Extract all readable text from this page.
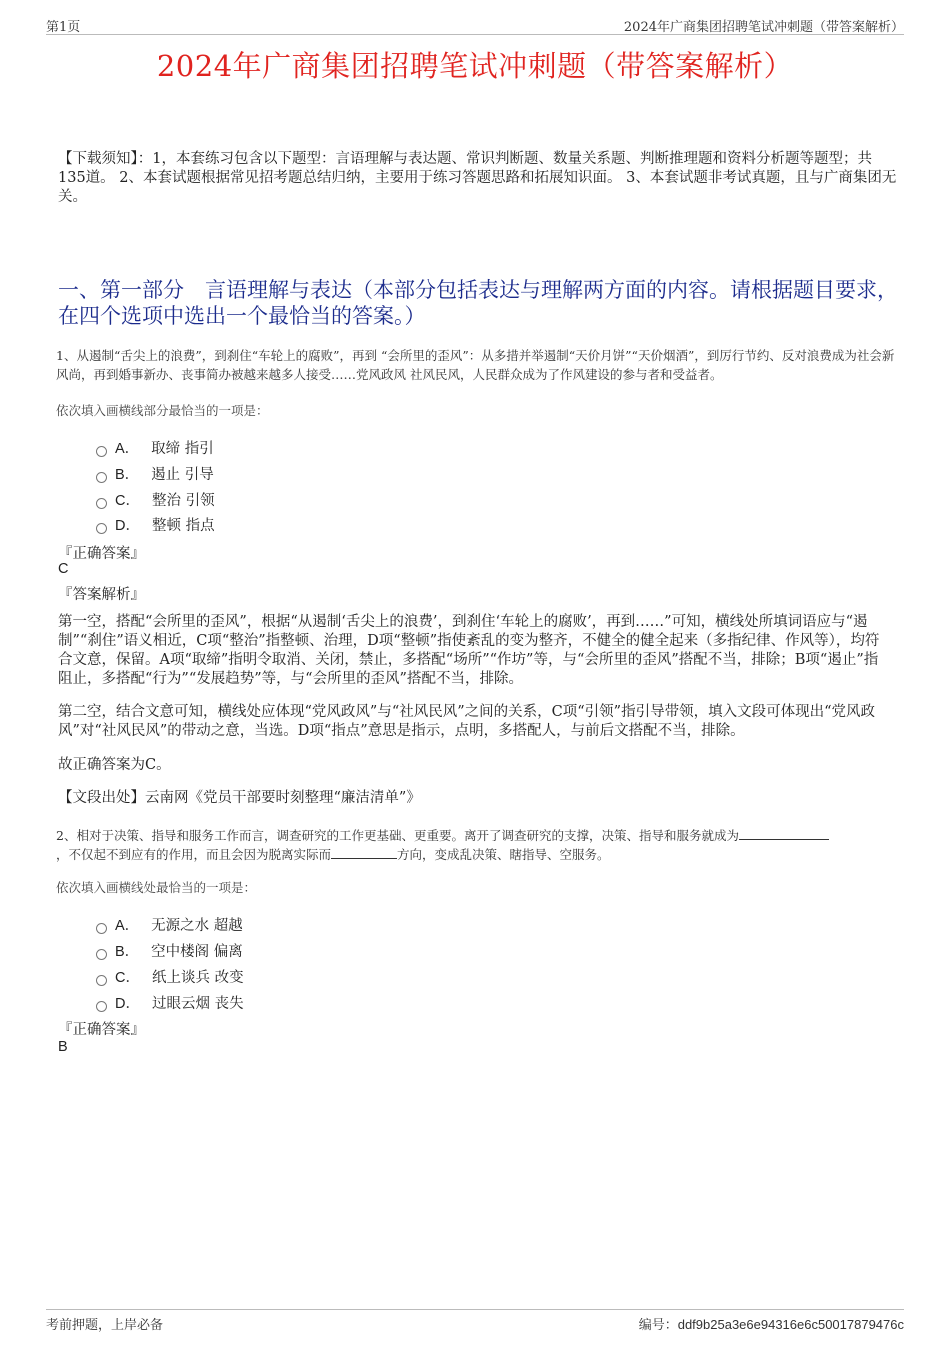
第1页	2024年广商集团招聘笔试冲刺题（带答案解析）
2024年广商集团招聘笔试冲刺题（带答案解析）
【下载须知】：1，本套练习包含以下题型：言语理解与表达题、常识判断题、数量关系题、判断推理题和资料分析题等题型；共135道。 2、本套试题根据常见招考题总结归纳，主要用于练习答题思路和拓展知识面。 3、本套试题非考试真题，且与广商集团无关。
一、第一部分　言语理解与表达（本部分包括表达与理解两方面的内容。请根据题目要求，在四个选项中选出一个最恰当的答案。）
1、从遏制“舌尖上的浪费”，到刹住“车轮上的腐败”，再到 “会所里的歪风”：从多措并举遏制“天价月饼”“天价烟酒”，到厉行节约、反对浪费成为社会新风尚，再到婚事新办、丧事简办被越来越多人接受……党风政风 社风民风，人民群众成为了作风建设的参与者和受益者。
依次填入画横线部分最恰当的一项是：
A． 取缔 指引
B． 遏止 引导
C． 整治 引领
D． 整顿 指点
『正确答案』
C
『答案解析』
第一空，搭配“会所里的歪风”，根据“从遏制‘舌尖上的浪费’，到刹住‘车轮上的腐败’，再到……”可知，横线处所填词语应与“遏制”“刹住”语义相近，C项“整治”指整顿、治理，D项“整顿”指使紊乱的变为整齐，不健全的健全起来（多指纪律、作风等），均符合文意，保留。A项“取缔”指明令取消、关闭，禁止，多搭配“场所”“作坊”等，与“会所里的歪风”搭配不当，排除；B项“遏止”指阻止，多搭配“行为”“发展趋势”等，与“会所里的歪风”搭配不当，排除。
第二空，结合文意可知，横线处应体现“党风政风”与“社风民风”之间的关系，C项“引领”指引导带领，填入文段可体现出“党风政风”对“社风民风”的带动之意，当选。D项“指点”意思是指示，点明，多搭配人，与前后文搭配不当，排除。
故正确答案为C。
【文段出处】云南网《党员干部要时刻整理“廉洁清单”》
2、相对于决策、指导和服务工作而言，调查研究的工作更基础、更重要。离开了调查研究的支撑，决策、指导和服务就成为
，不仅起不到应有的作用，而且会因为脱离实际而	方向，变成乱决策、瞎指导、空服务。
依次填入画横线处最恰当的一项是：
A． 无源之水 超越
B． 空中楼阁 偏离
C． 纸上谈兵 改变
D． 过眼云烟 丧失
『正确答案』
B
考前押题，上岸必备	编号：ddf9b25a3e6e94316e6c50017879476c
